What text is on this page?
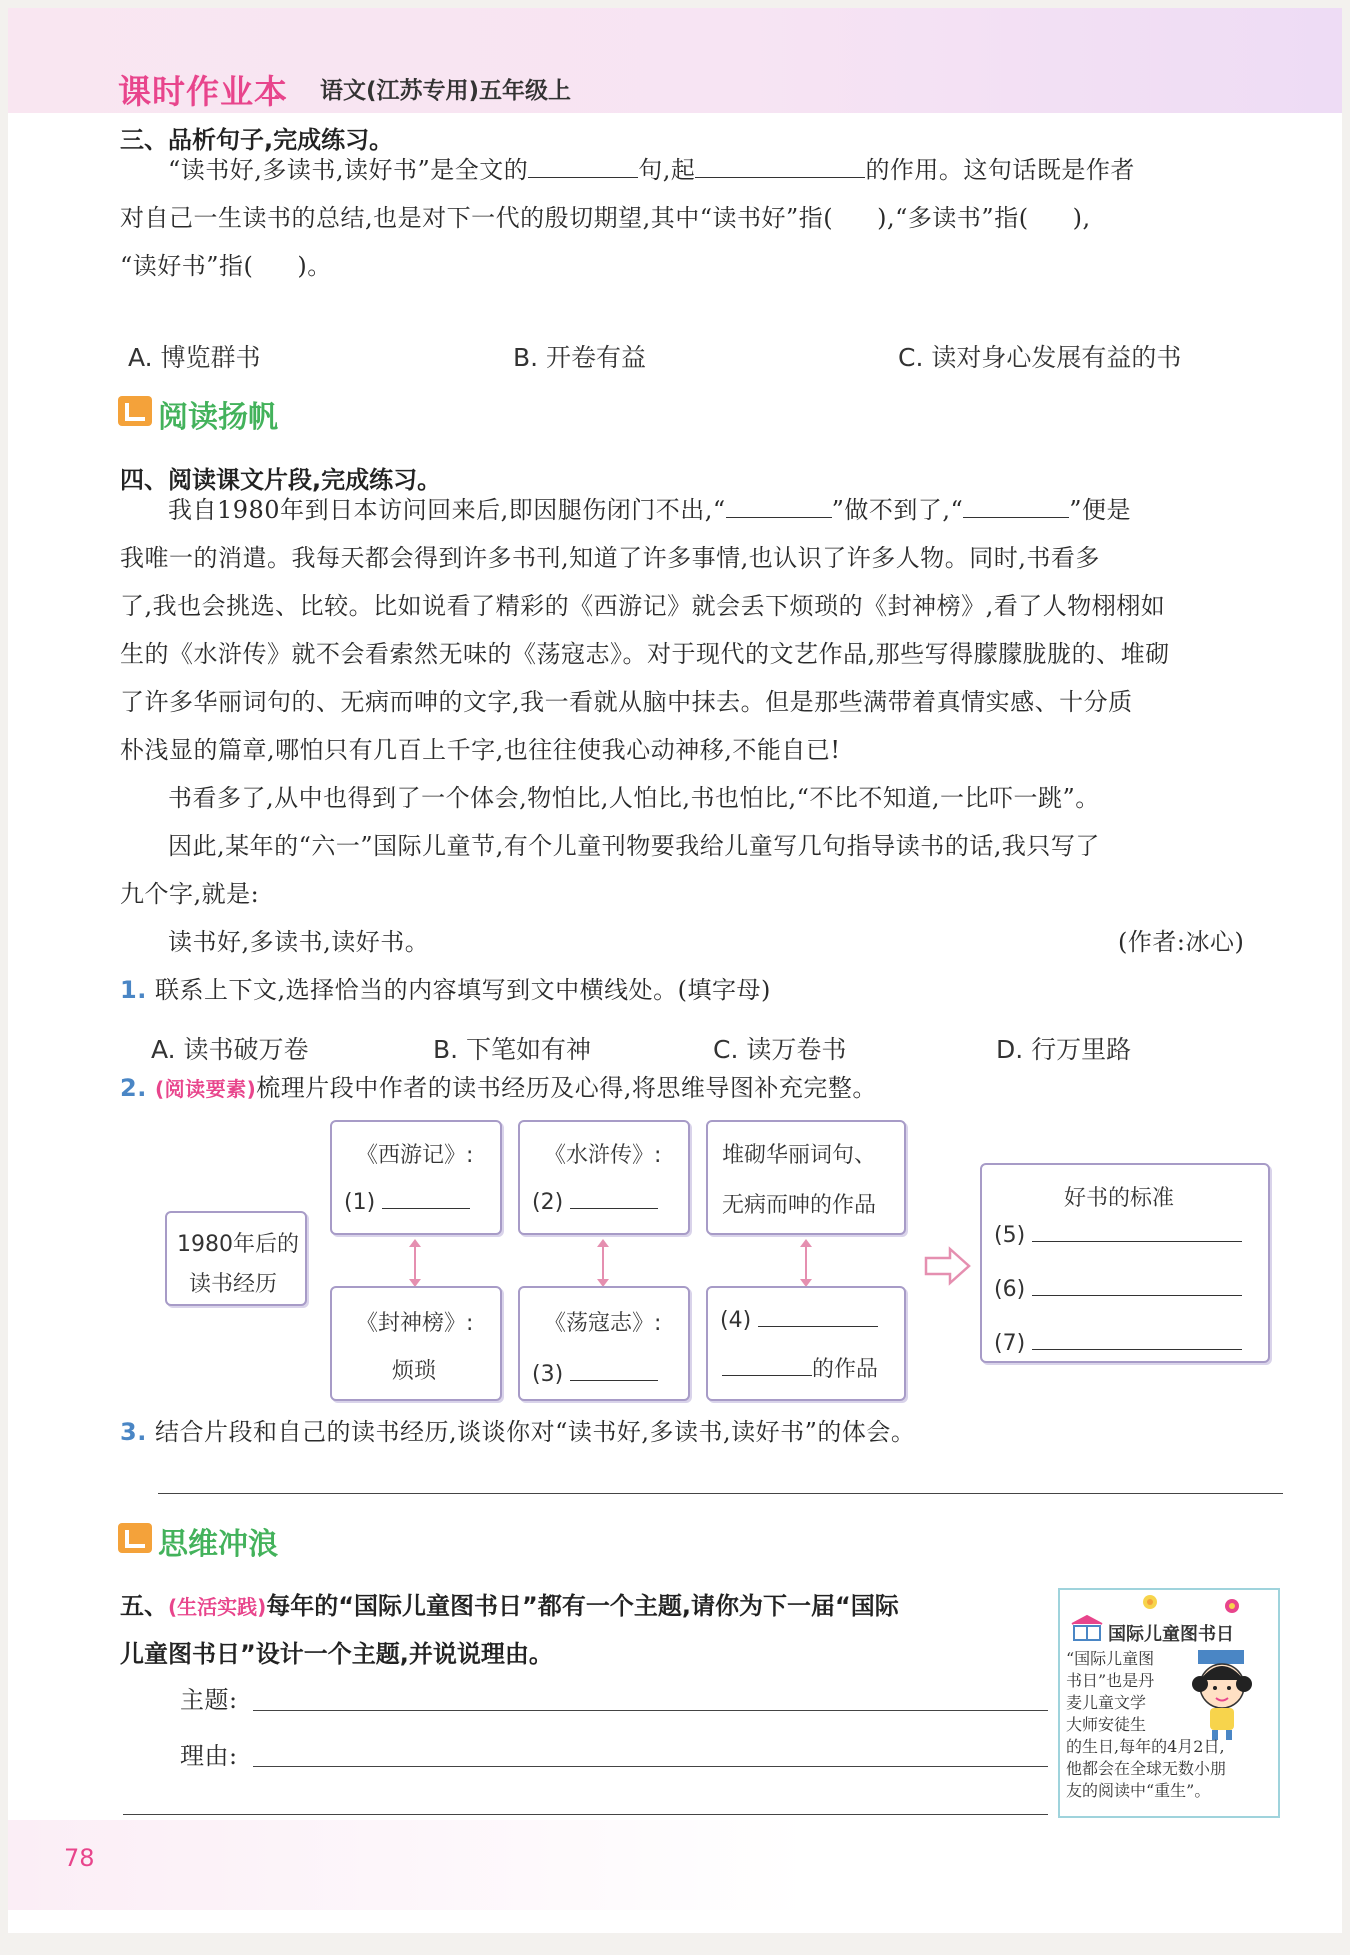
课时作业本 语文(江苏专用)五年级上
三、品析句子,完成练习。
“读书好,多读书,读好书”是全文的	句,起	的作用。这句话既是作者
对自己一生读书的总结,也是对下一代的殷切期望,其中“读书好”指( ),“多读书”指( ),
“读好书”指( )。
A. 博览群书	B. 开卷有益	C. 读对身心发展有益的书
阅读扬帆
四、阅读课文片段,完成练习。
我自1980年到日本访问回来后,即因腿伤闭门不出,“	”做不到了,“	”便是
我唯一的消遣。我每天都会得到许多书刊,知道了许多事情,也认识了许多人物。同时,书看多
了,我也会挑选、比较。比如说看了精彩的《西游记》就会丢下烦琐的《封神榜》,看了人物栩栩如
生的《水浒传》就不会看索然无味的《荡寇志》。对于现代的文艺作品,那些写得朦朦胧胧的、堆砌
了许多华丽词句的、无病而呻的文字,我一看就从脑中抹去。但是那些满带着真情实感、十分质
朴浅显的篇章,哪怕只有几百上千字,也往往使我心动神移,不能自已!
书看多了,从中也得到了一个体会,物怕比,人怕比,书也怕比,“不比不知道,一比吓一跳”。
因此,某年的“六一”国际儿童节,有个儿童刊物要我给儿童写几句指导读书的话,我只写了
九个字,就是:
读书好,多读书,读好书。	(作者:冰心)
1. 联系上下文,选择恰当的内容填写到文中横线处。(填字母)
A. 读书破万卷	B. 下笔如有神	C. 读万卷书	D. 行万里路
2. (阅读要素)梳理片段中作者的读书经历及心得,将思维导图补充完整。
1980年后的
读书经历
《西游记》:
(1)
《水浒传》:
(2)
堆砌华丽词句、
无病而呻的作品
《封神榜》:
烦琐
《荡寇志》:
(3)
(4)
的作品
好书的标准
(5)
(6)
(7)
3. 结合片段和自己的读书经历,谈谈你对“读书好,多读书,读好书”的体会。
思维冲浪
五、(生活实践)每年的“国际儿童图书日”都有一个主题,请你为下一届“国际
儿童图书日”设计一个主题,并说说理由。
主题:
理由:
国际儿童图书日
“国际儿童图
书日”也是丹
麦儿童文学
大师安徒生
的生日,每年的4月2日,
他都会在全球无数小朋
友的阅读中“重生”。
78
